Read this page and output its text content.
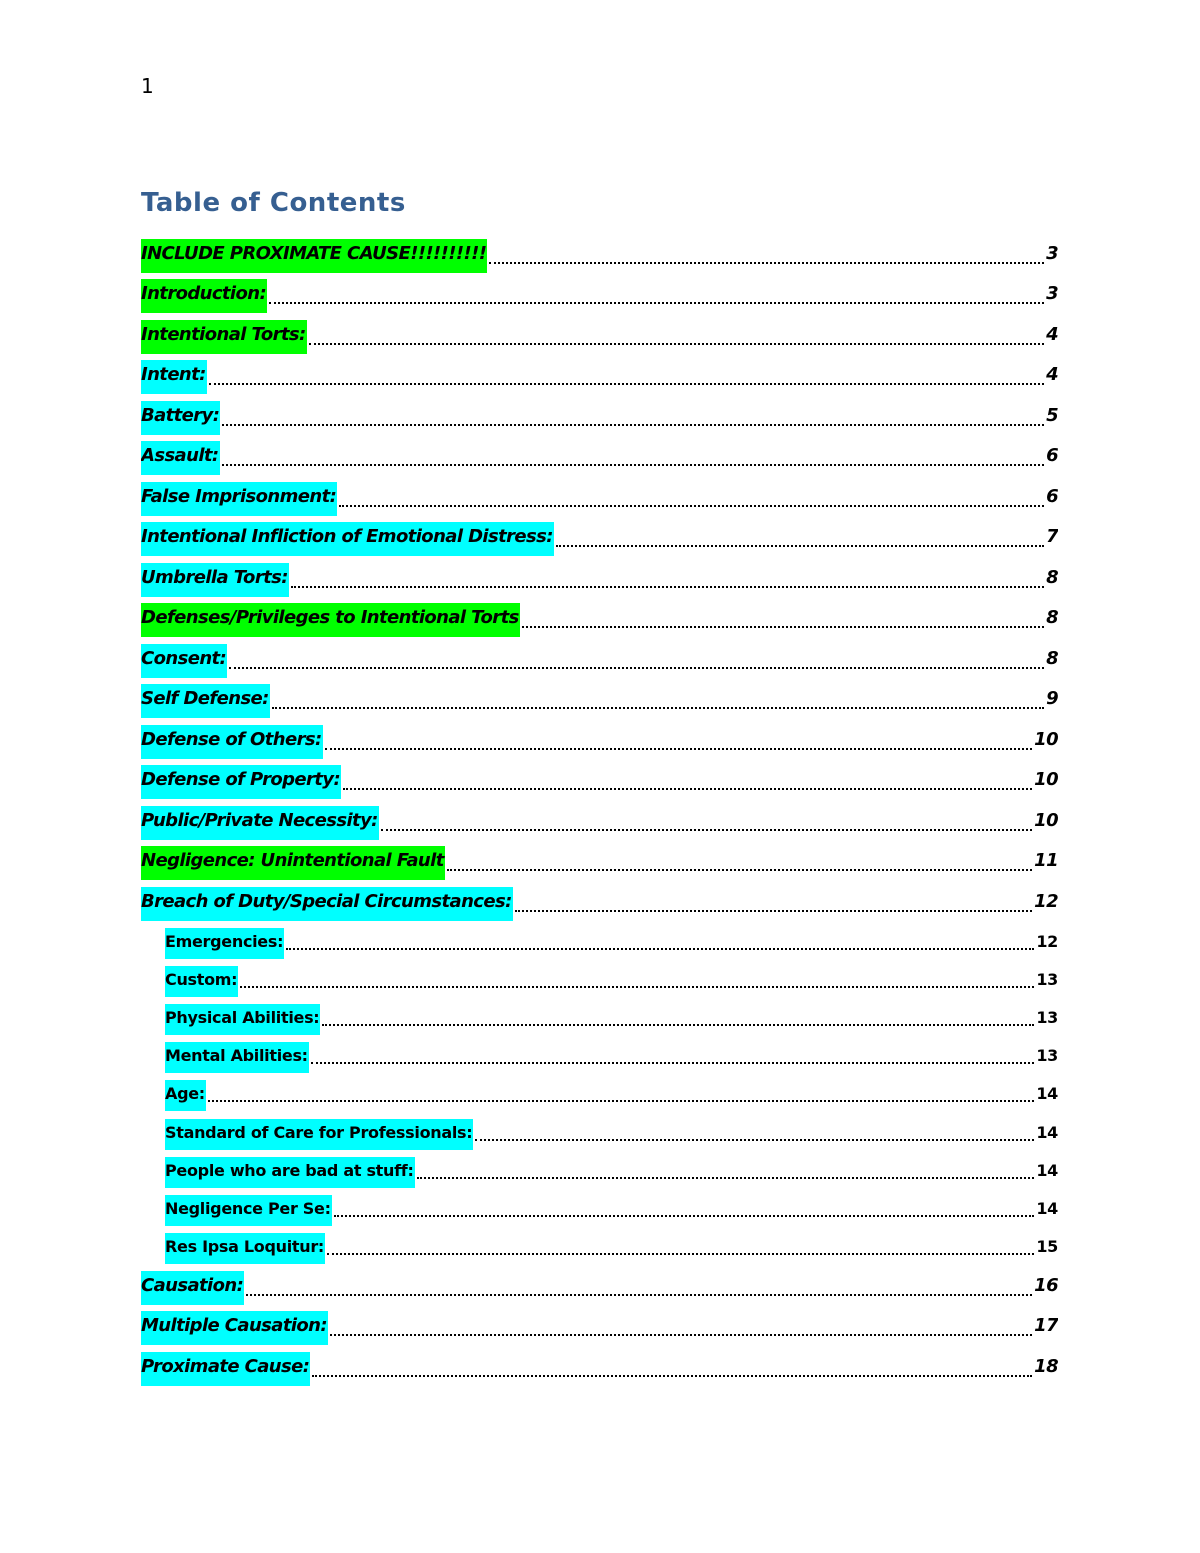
1
Table of Contents
INCLUDE PROXIMATE CAUSE!!!!!!!!!!	3
Introduction:	3
Intentional Torts:	4
Intent:	4
Battery:	5
Assault:	6
False Imprisonment:	6
Intentional Infliction of Emotional Distress:	7
Umbrella Torts:	8
Defenses/Privileges to Intentional Torts	8
Consent:	8
Self Defense:	9
Defense of Others:	10
Defense of Property:	10
Public/Private Necessity:	10
Negligence: Unintentional Fault	11
Breach of Duty/Special Circumstances:	12
Emergencies:	12
Custom:	13
Physical Abilities:	13
Mental Abilities:	13
Age:	14
Standard of Care for Professionals:	14
People who are bad at stuff:	14
Negligence Per Se:	14
Res Ipsa Loquitur:	15
Causation:	16
Multiple Causation:	17
Proximate Cause:	18
